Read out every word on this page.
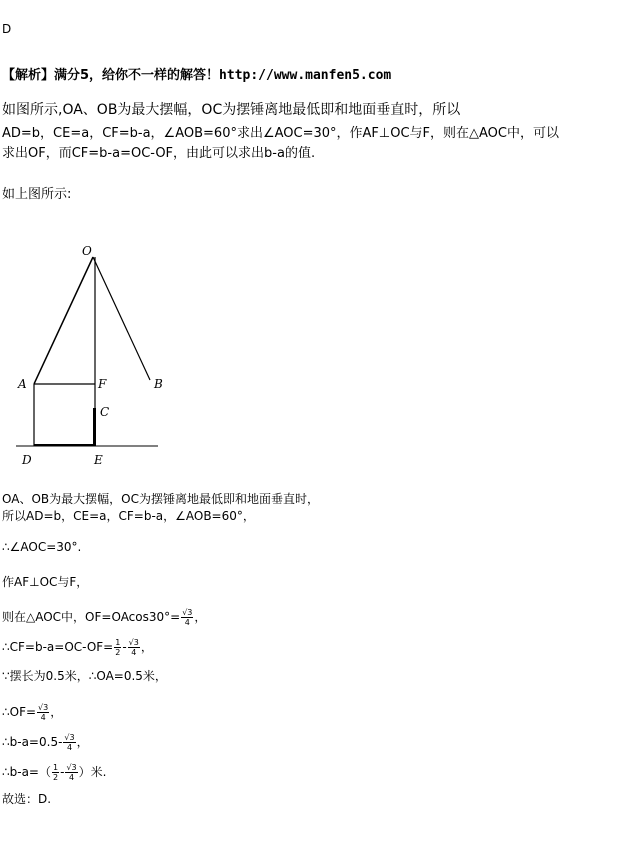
D
【解析】满分5，给你不一样的解答！http://www.manfen5.com
如图所示,OA、OB为最大摆幅，OC为摆锤离地最低即和地面垂直时，所以
AD=b，CE=a，CF=b-a，∠AOB=60°求出∠AOC=30°，作AF⊥OC与F，则在△AOC中，可以
求出OF，而CF=b-a=OC-OF，由此可以求出b-a的值.
如上图所示:
O
A	F	B
C
D	E
OA、OB为最大摆幅，OC为摆锤离地最低即和地面垂直时，
所以AD=b，CE=a，CF=b-a，∠AOB=60°，
∴∠AOC=30°.
作AF⊥OC与F，
则在△AOC中，$OF=OAcos30^\circ= \frac{√3}{4}$ ，
∴CF=b-a=OC-OF= $\frac{1}{2} - \frac{√3}{4}$ ，
∵摆长为0.5米，∴OA=0.5米，
∴OF= $\frac{√3}{4}$ ，
∴b-a=0.5- $\frac{√3}{4}$ ，
∴b-a=（ $\frac{1}{2} - \frac{√3}{4}$ ）米.
故选：D.
